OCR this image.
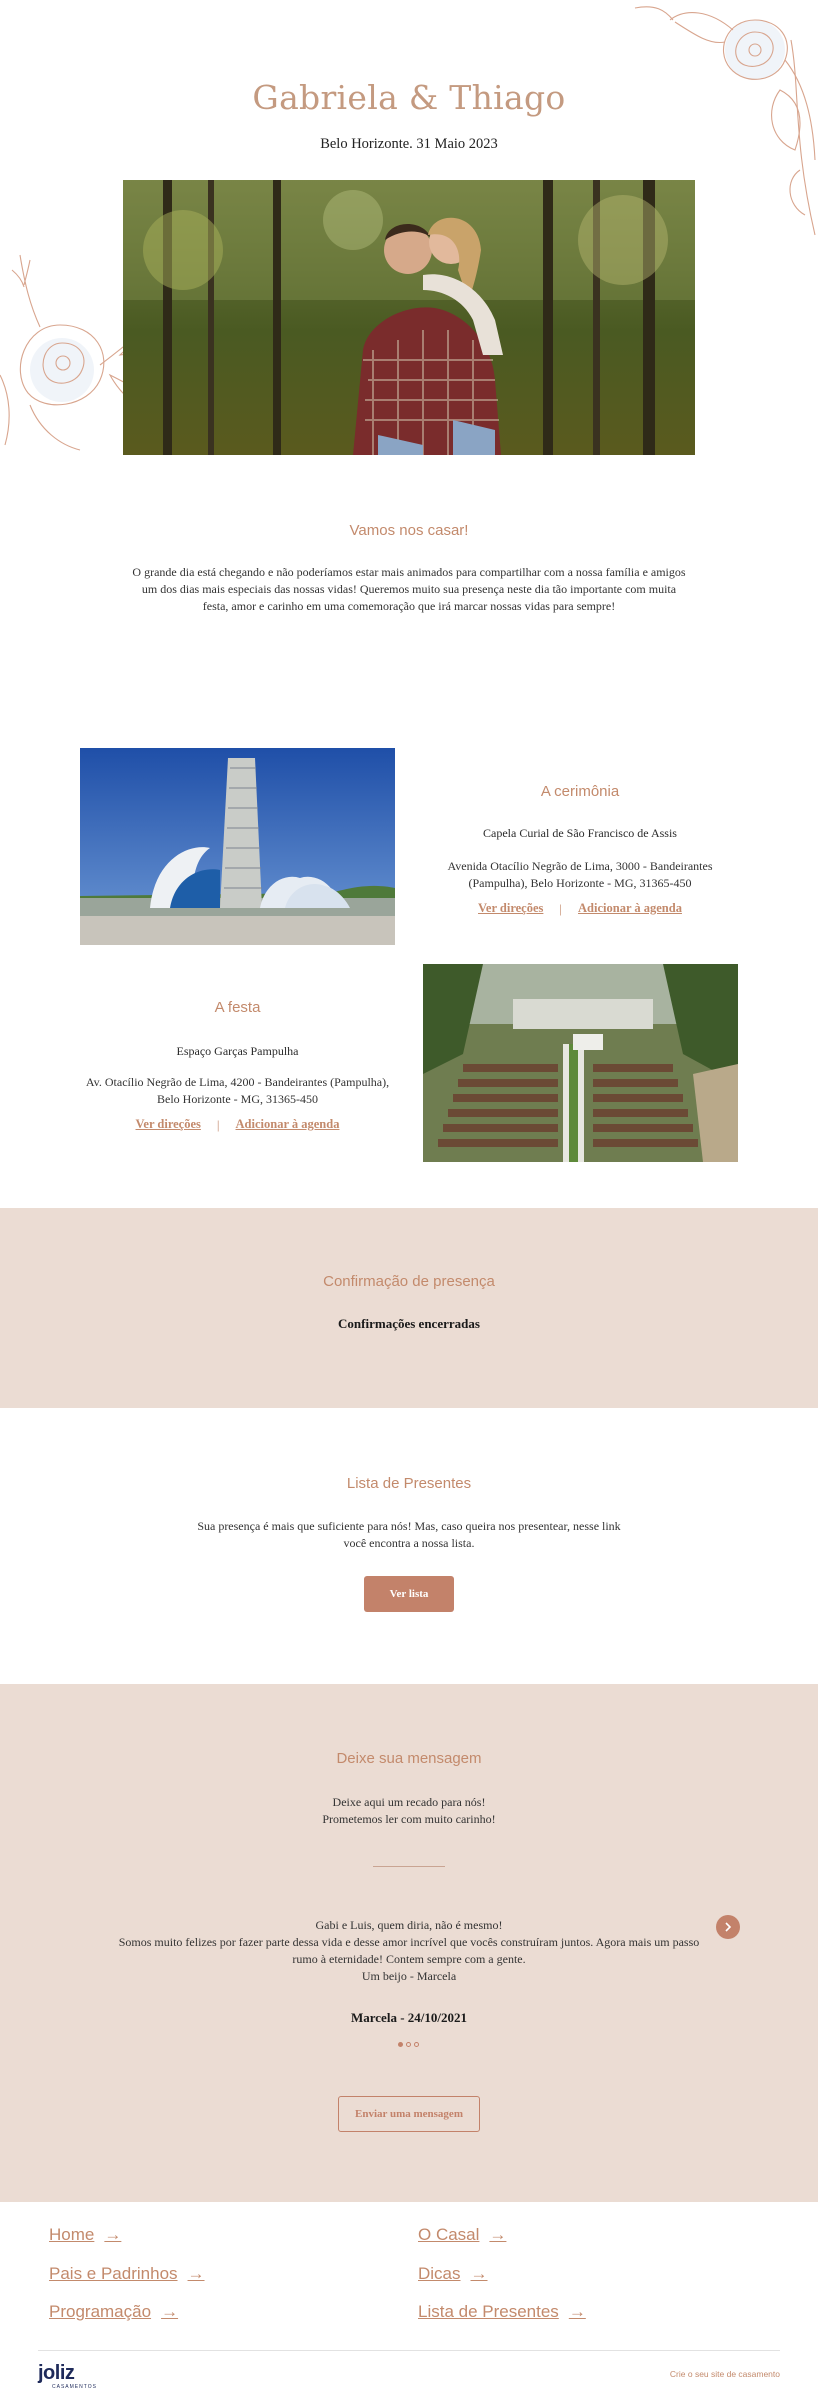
Gabriela & Thiago
Belo Horizonte. 31 Maio 2023
Vamos nos casar!
O grande dia está chegando e não poderíamos estar mais animados para compartilhar com a nossa família e amigos um dos dias mais especiais das nossas vidas! Queremos muito sua presença neste dia tão importante com muita festa, amor e carinho em uma comemoração que irá marcar nossas vidas para sempre!
A cerimônia
Capela Curial de São Francisco de Assis
Avenida Otacílio Negrão de Lima, 3000 - Bandeirantes (Pampulha), Belo Horizonte - MG, 31365-450
Ver direções | Adicionar à agenda
A festa
Espaço Garças Pampulha
Av. Otacílio Negrão de Lima, 4200 - Bandeirantes (Pampulha), Belo Horizonte - MG, 31365-450
Ver direções | Adicionar à agenda
Confirmação de presença
Confirmações encerradas
Lista de Presentes
Sua presença é mais que suficiente para nós! Mas, caso queira nos presentear, nesse link você encontra a nossa lista.
Ver lista
Deixe sua mensagem
Deixe aqui um recado para nós!
Prometemos ler com muito carinho!
Gabi e Luis, quem diria, não é mesmo!
Somos muito felizes por fazer parte dessa vida e desse amor incrível que vocês construíram juntos. Agora mais um passo rumo à eternidade! Contem sempre com a gente.
Um beijo - Marcela
Marcela - 24/10/2021
Enviar uma mensagem
Home →	O Casal →
Pais e Padrinhos →	Dicas →
Programação →	Lista de Presentes →
joliz
CASAMENTOS
Crie o seu site de casamento
